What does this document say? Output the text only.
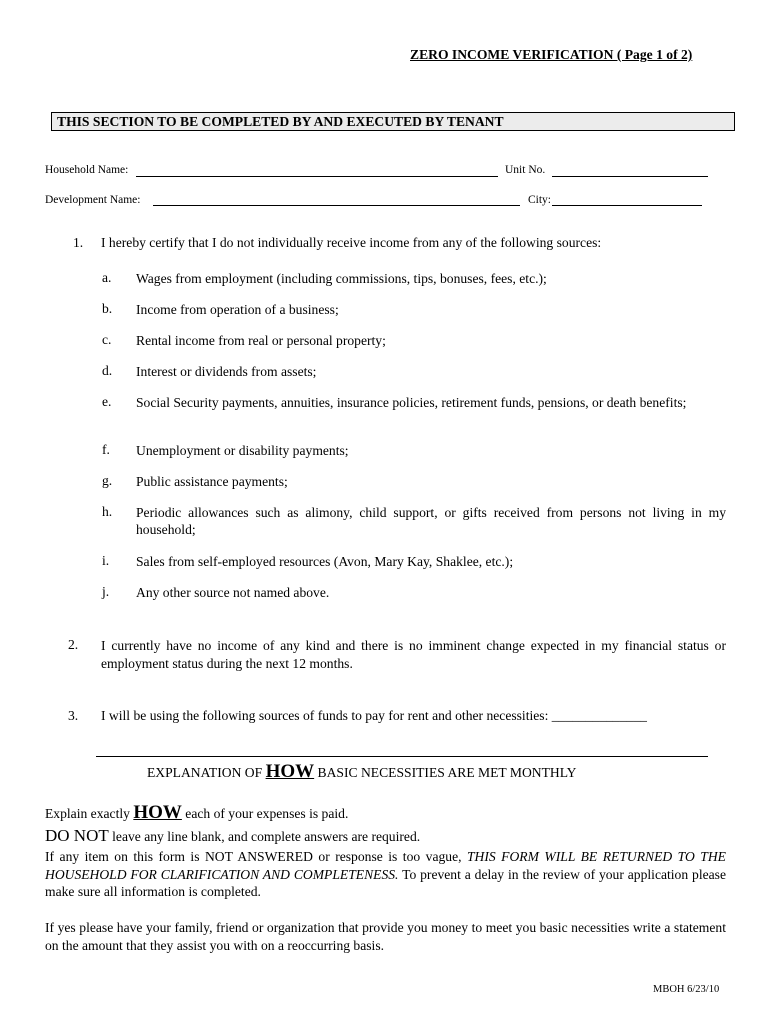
ZERO INCOME VERIFICATION ( Page 1 of 2)
THIS SECTION TO BE COMPLETED BY AND EXECUTED BY TENANT
Household Name:	Unit No.
Development Name:	City:
1. I hereby certify that I do not individually receive income from any of the following sources:
a. Wages from employment (including commissions, tips, bonuses, fees, etc.);
b. Income from operation of a business;
c. Rental income from real or personal property;
d. Interest or dividends from assets;
e. Social Security payments, annuities, insurance policies, retirement funds, pensions, or death benefits;
f. Unemployment or disability payments;
g. Public assistance payments;
h. Periodic allowances such as alimony, child support, or gifts received from persons not living in my household;
i. Sales from self-employed resources (Avon, Mary Kay, Shaklee, etc.);
j. Any other source not named above.
2. I currently have no income of any kind and there is no imminent change expected in my financial status or employment status during the next 12 months.
3. I will be using the following sources of funds to pay for rent and other necessities: ______________
EXPLANATION OF HOW BASIC NECESSITIES ARE MET MONTHLY
Explain exactly HOW each of your expenses is paid.
DO NOT leave any line blank, and complete answers are required.
If any item on this form is NOT ANSWERED or response is too vague, THIS FORM WILL BE RETURNED TO THE HOUSEHOLD FOR CLARIFICATION AND COMPLETENESS. To prevent a delay in the review of your application please make sure all information is completed.
If yes please have your family, friend or organization that provide you money to meet you basic necessities write a statement on the amount that they assist you with on a reoccurring basis.
MBOH 6/23/10
